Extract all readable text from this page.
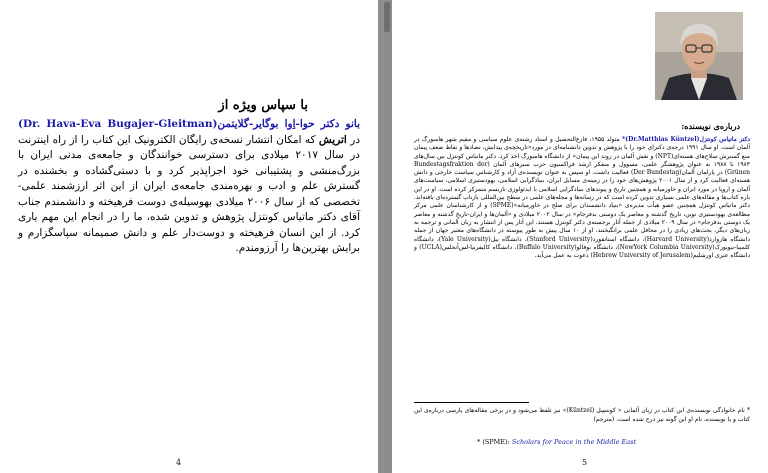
با سپاس ویژه از
بانو دکتر حوا-اِوا بوگایر-گلایتمن(Dr. Hava-Eva Bugajer-Gleitman) در اتریش که امکان انتشار نسخه‌ی رایگان الکترونیک این کتاب را از راه اینترنت در سال ۲۰۱۷ میلادی برای دسترسی خوانندگان و جامعه‌ی مدنی ایران با بزرگ‌منشی و پشتیبانی خود اجرا‌پذیر کرد و با دستی‌گشاده و بخشنده در گسترش علم و ادب و بهره‌مندی جامعه‌ی ایران از این اثر ارزشمند علمی-تخصصی که از سال ۲۰۰۶ میلادی بهوسیله‌ی دوست فرهیخته و دانشمندم جناب آقای دکتر ماتیاس کونتزل پژوهش و تدوین شده، ما را در انجام این مهم یاری کرد. از این انسان فرهیخته و دوست‌دار علم و دانش صمیمانه سپاسگزارم و برایش بهترین‌ها را آرزومندم.
4
درباره‌ی نویسنده:
دکتر ماتیاس کونتزل(Dr.Matthias Küntzel)* متولد ۱۹۵۵، فارغ‌التحصیل و استاد رشته‌ی علوم سیاسی و مقیم شهر هامبورگ در آلمان است. او سال ۱۹۹۱ درجه‌ی دکترای خود را با پژوهش و تدوین دانشنامه‌ای در مورد«تاریخچه‌ی پیدایش، تضادها و نقاط ضعف پیمان منع گسترش سلاح‌های هسته‌ای(NPT) و نقش آلمان در روند این پیمان» از دانشگاه هامبورگ اخذ کرد. دکتر ماتیاس کونتزل بین سال‌های ۱۹۸۴ تا ۱۹۸۸ به عنوان پژوهشگر علمی، مسوول و متفکر ارشد فراکسیون حزب سبزهای آلمان (Bundestagsfraktion der Grünen) در پارلمان آلمان(Der Bundestag) فعالیت داشت. او سپس به عنوان نویسنده‌ی آزاد و کارشناس سیاست خارجی و دانش هسته‌ای فعالیت کرد و از سال ۲۰۰۱ پژوهش‌های خود را در زمینه‌ی مسایل ایران، بنیادگرایی اسلامی، یهودستیزی اسلامی، سیاست‌های آلمان و اروپا در مورد ایران و خاورمیانه و همچنین تاریخ و پیوندهای بنیادگرایی اسلامی با ایدئولوژی نازیسم متمرکز کرده است. او در این باره کتاب‌ها و مقاله‌های علمی بسیاری تدوین کرده است که در رسانه‌ها و مجله‌های علمی در سطح بین‌المللی بازتاب گسترده‌ای یافته‌اند. دکتر ماتیاس کونتزل همچنین عضو هیأت مدیره‌ی «بنیاد دانشمندان برای صلح در خاورمیانه»(SPME) و از کارشناسان علمی مرکز مطالعه‌ی یهودستیزی نوین، تاریخ گذشته و معاصر یک دوستی بدفرجام» در سال ۲۰۰۲ میلادی و «آلمان‌ها و ایران-تاریخ گذشته و معاصر یک دوستی بدفرجام» در سال ۲۰۰۹ میلادی از جمله آثار برجسته‌ی دکتر کونتزل هستند. این آثار پس از انتشار به زبان آلمانی و ترجمه به زبان‌های دیگر، بحث‌های زیادی را در محافل علمی برانگیختند. او از ۱۰ سال پیش به طور پیوسته در دانشگاه‌های معتبر جهان از جمله دانشگاه هاروارد(Harvard University)، دانشگاه استانفورد(Stanford University)، دانشگاه ییل(Yale University)، دانشگاه کلمبیا-نیویورک(NewYork Columbia University)، دانشگاه بوفالو(Buffalo University)، دانشگاه کالیفرنیا-لس‌آنجلس(UCLA) و دانشگاه عبری اورشلیم(Hebrew University of Jerusalem) دعوت به عمل می‌آید.
* نام خانوادگی نویسنده‌ی این کتاب در زبان آلمانی « کونتسِل (Küntzel)» نیز تلفظ می‌شود و در برخی مقاله‌های پارسی درباره‌ی این کتاب و یا نویسنده، نام او این گونه نیز درج شده است. (مترجم)
* (SPME): Scholars for Peace in the Middle East
5
